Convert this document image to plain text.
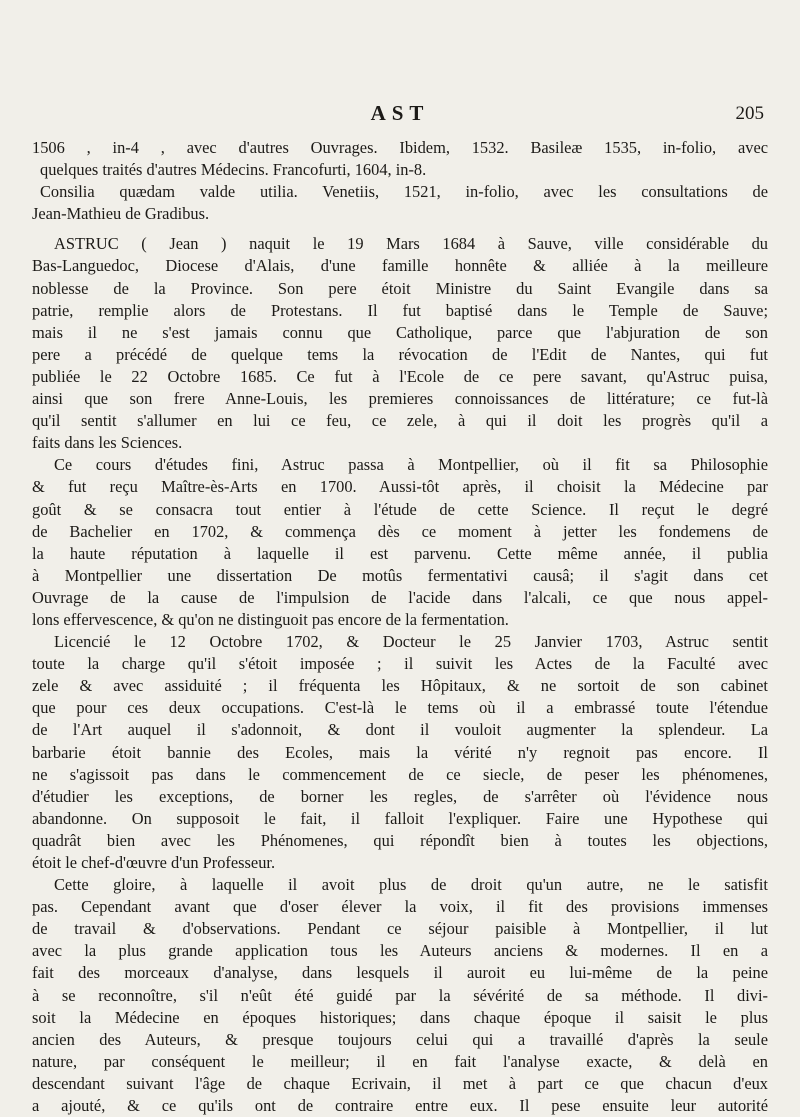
AST	205
1506 , in-4 , avec d'autres Ouvrages. Ibidem, 1532. Basileæ 1535, in-folio, avec
quelques traités d'autres Médecins. Francofurti, 1604, in-8.
Consilia quædam valde utilia. Venetiis, 1521, in-folio, avec les consultations de
Jean-Mathieu de Gradibus.
ASTRUC ( Jean ) naquit le 19 Mars 1684 à Sauve, ville considérable du
Bas-Languedoc, Diocese d'Alais, d'une famille honnête & alliée à la meilleure
noblesse de la Province. Son pere étoit Ministre du Saint Evangile dans sa
patrie, remplie alors de Protestans. Il fut baptisé dans le Temple de Sauve;
mais il ne s'est jamais connu que Catholique, parce que l'abjuration de son
pere a précédé de quelque tems la révocation de l'Edit de Nantes, qui fut
publiée le 22 Octobre 1685. Ce fut à l'Ecole de ce pere savant, qu'Astruc puisa,
ainsi que son frere Anne-Louis, les premieres connoissances de littérature; ce fut-là
qu'il sentit s'allumer en lui ce feu, ce zele, à qui il doit les progrès qu'il a
faits dans les Sciences.
Ce cours d'études fini, Astruc passa à Montpellier, où il fit sa Philosophie
& fut reçu Maître-ès-Arts en 1700. Aussi-tôt après, il choisit la Médecine par
goût & se consacra tout entier à l'étude de cette Science. Il reçut le degré
de Bachelier en 1702, & commença dès ce moment à jetter les fondemens de
la haute réputation à laquelle il est parvenu. Cette même année, il publia
à Montpellier une dissertation De motûs fermentativi causâ; il s'agit dans cet
Ouvrage de la cause de l'impulsion de l'acide dans l'alcali, ce que nous appel-
lons effervescence, & qu'on ne distinguoit pas encore de la fermentation.
Licencié le 12 Octobre 1702, & Docteur le 25 Janvier 1703, Astruc sentit
toute la charge qu'il s'étoit imposée ; il suivit les Actes de la Faculté avec
zele & avec assiduité ; il fréquenta les Hôpitaux, & ne sortoit de son cabinet
que pour ces deux occupations. C'est-là le tems où il a embrassé toute l'étendue
de l'Art auquel il s'adonnoit, & dont il vouloit augmenter la splendeur. La
barbarie étoit bannie des Ecoles, mais la vérité n'y regnoit pas encore. Il
ne s'agissoit pas dans le commencement de ce siecle, de peser les phénomenes,
d'étudier les exceptions, de borner les regles, de s'arrêter où l'évidence nous
abandonne. On supposoit le fait, il falloit l'expliquer. Faire une Hypothese qui
quadrât bien avec les Phénomenes, qui répondît bien à toutes les objections,
étoit le chef-d'œuvre d'un Professeur.
Cette gloire, à laquelle il avoit plus de droit qu'un autre, ne le satisfit
pas. Cependant avant que d'oser élever la voix, il fit des provisions immenses
de travail & d'observations. Pendant ce séjour paisible à Montpellier, il lut
avec la plus grande application tous les Auteurs anciens & modernes. Il en a
fait des morceaux d'analyse, dans lesquels il auroit eu lui-même de la peine
à se reconnoître, s'il n'eût été guidé par la sévérité de sa méthode. Il divi-
soit la Médecine en époques historiques; dans chaque époque il saisit le plus
ancien des Auteurs, & presque toujours celui qui a travaillé d'après la seule
nature, par conséquent le meilleur; il en fait l'analyse exacte, & delà en
descendant suivant l'âge de chaque Ecrivain, il met à part ce que chacun d'eux
a ajouté, & ce qu'ils ont de contraire entre eux. Il pese ensuite leur autorité
